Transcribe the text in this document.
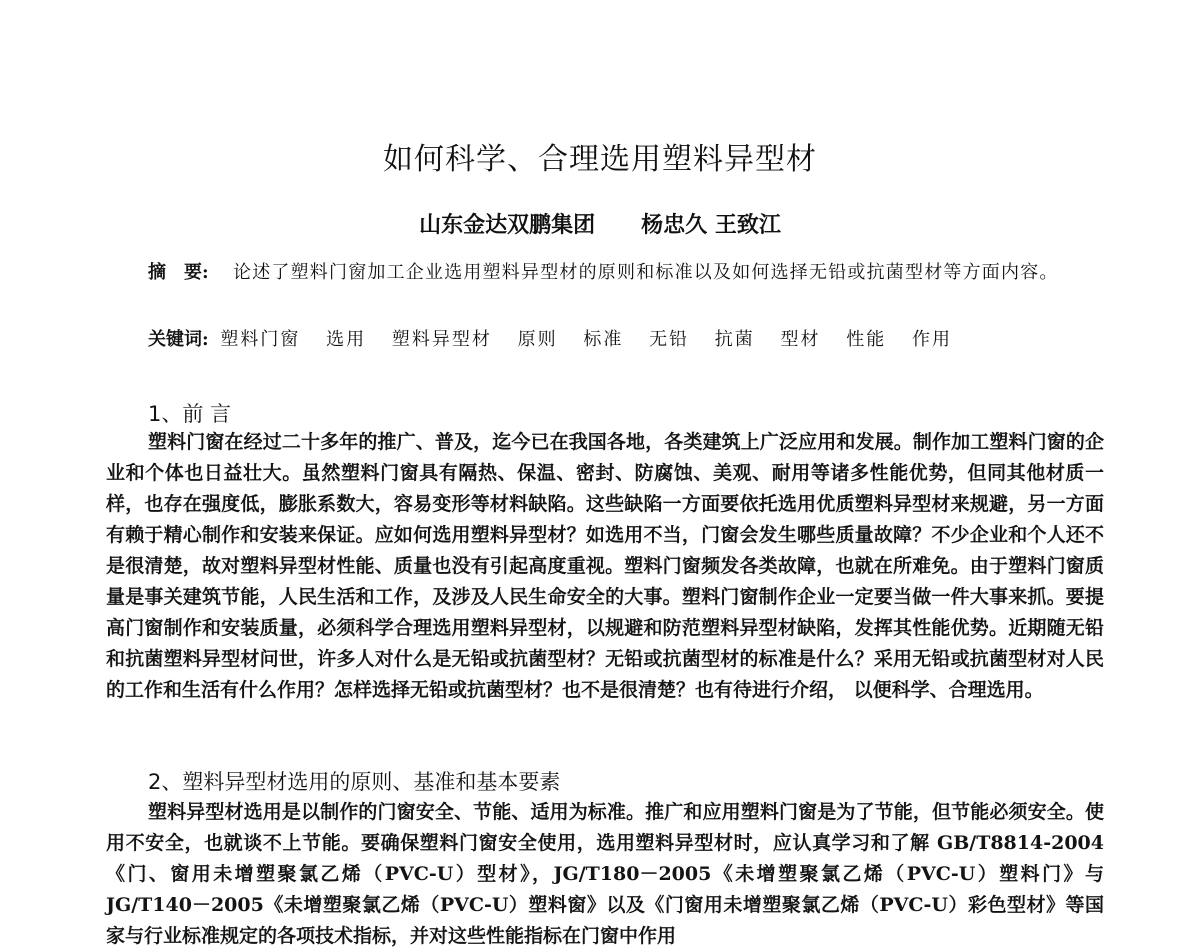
如何科学、合理选用塑料异型材
山东金达双鹏集团 杨忠久 王致江
摘　要: 论述了塑料门窗加工企业选用塑料异型材的原则和标准以及如何选择无铅或抗菌型材等方面内容。
关键词: 塑料门窗 选用 塑料异型材 原则 标准 无铅 抗菌 型材 性能 作用
1、前 言

塑料门窗在经过二十多年的推广、普及，迄今已在我国各地，各类建筑上广泛应用和发展。制作加工塑料门窗的企业和个体也日益壮大。虽然塑料门窗具有隔热、保温、密封、防腐蚀、美观、耐用等诸多性能优势，但同其他材质一样，也存在强度低，膨胀系数大，容易变形等材料缺陷。这些缺陷一方面要依托选用优质塑料异型材来规避，另一方面有赖于精心制作和安装来保证。应如何选用塑料异型材？如选用不当，门窗会发生哪些质量故障？不少企业和个人还不是很清楚，故对塑料异型材性能、质量也没有引起高度重视。塑料门窗频发各类故障，也就在所难免。由于塑料门窗质量是事关建筑节能，人民生活和工作，及涉及人民生命安全的大事。塑料门窗制作企业一定要当做一件大事来抓。要提高门窗制作和安装质量，必须科学合理选用塑料异型材，以规避和防范塑料异型材缺陷，发挥其性能优势。近期随无铅和抗菌塑料异型材问世，许多人对什么是无铅或抗菌型材？无铅或抗菌型材的标准是什么？采用无铅或抗菌型材对人民的工作和生活有什么作用？怎样选择无铅或抗菌型材？也不是很清楚？也有待进行介绍， 以便科学、合理选用。

2、塑料异型材选用的原则、基准和基本要素

塑料异型材选用是以制作的门窗安全、节能、适用为标准。推广和应用塑料门窗是为了节能，但节能必须安全。使用不安全，也就谈不上节能。要确保塑料门窗安全使用，选用塑料异型材时，应认真学习和了解 GB/T8814-2004《门、窗用未增塑聚氯乙烯（PVC-U）型材》，JG/T180－2005《未增塑聚氯乙烯（PVC-U）塑料门》与 JG/T140－2005《未增塑聚氯乙烯（PVC-U）塑料窗》以及《门窗用未增塑聚氯乙烯（PVC-U）彩色型材》等国家与行业标准规定的各项技术指标，并对这些性能指标在门窗中作用
